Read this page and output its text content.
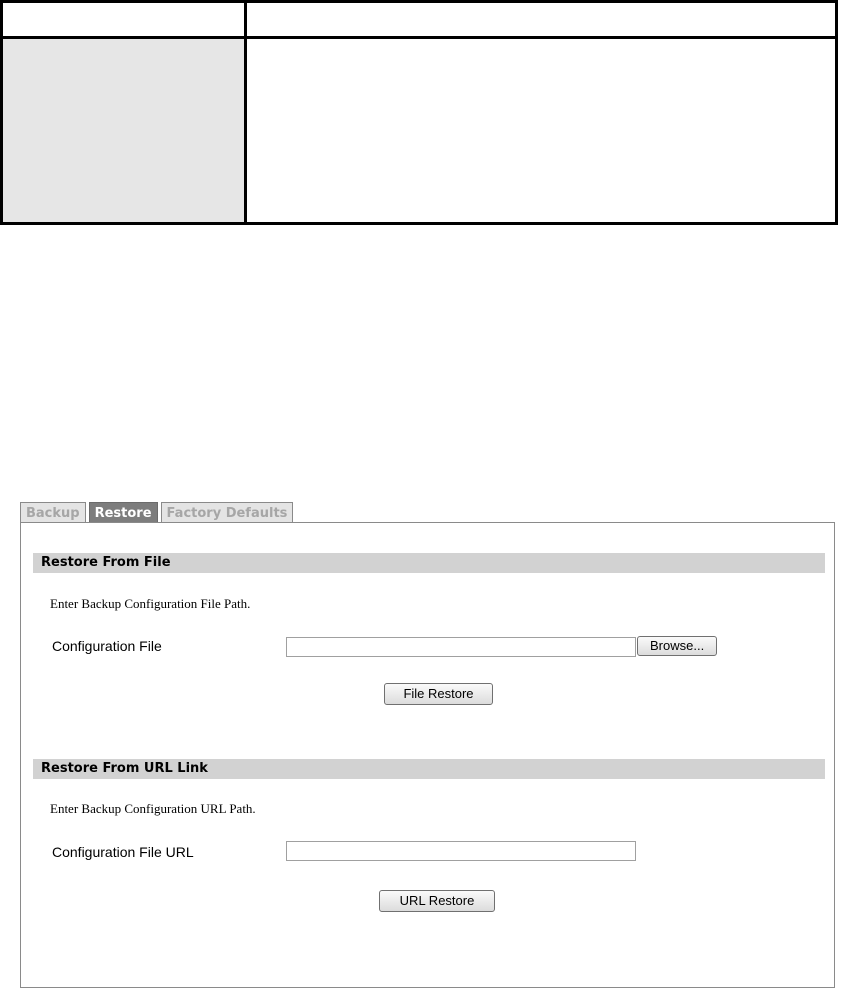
Backup	Restore	Factory Defaults
Restore From File
Enter Backup Configuration File Path.
Configuration File	Browse...
File Restore
Restore From URL Link
Enter Backup Configuration URL Path.
Configuration File URL
URL Restore
